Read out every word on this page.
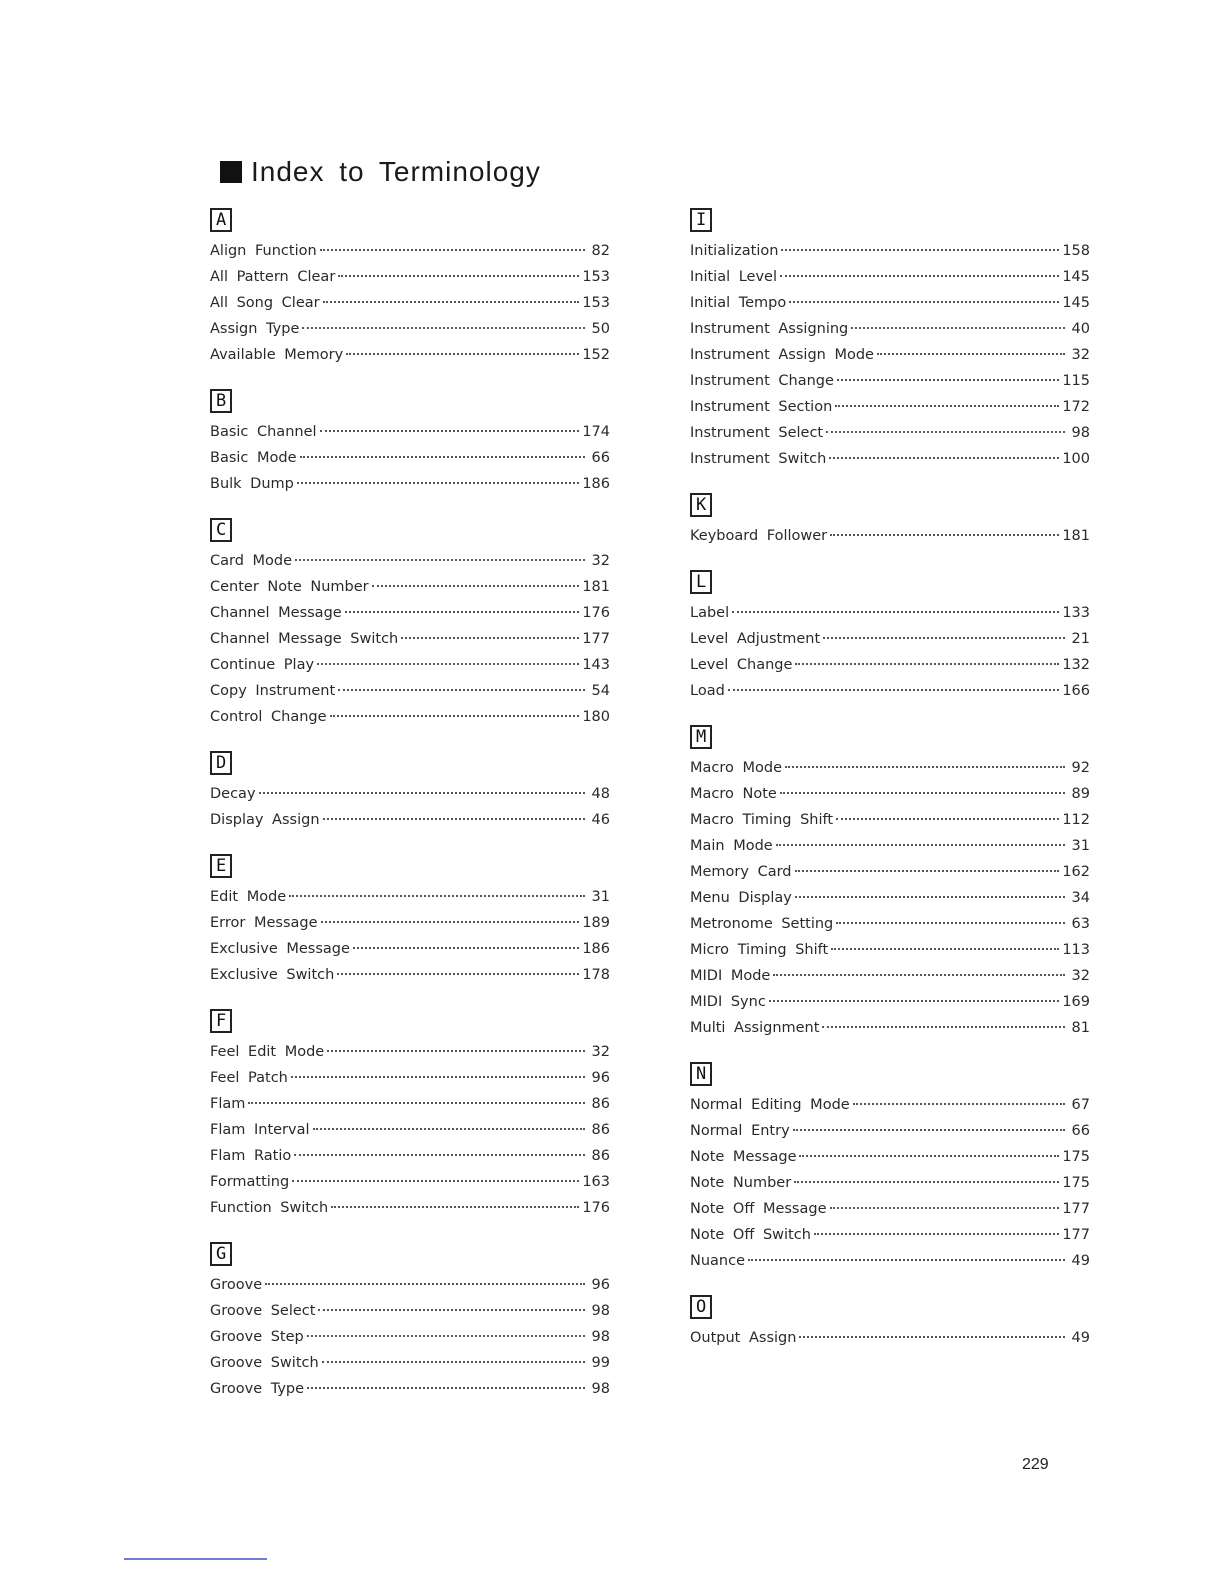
Index to Terminology
A
Align Function	82
All Pattern Clear	153
All Song Clear	153
Assign Type	50
Available Memory	152
B
Basic Channel	174
Basic Mode	66
Bulk Dump	186
C
Card Mode	32
Center Note Number	181
Channel Message	176
Channel Message Switch	177
Continue Play	143
Copy Instrument	54
Control Change	180
D
Decay	48
Display Assign	46
E
Edit Mode	31
Error Message	189
Exclusive Message	186
Exclusive Switch	178
F
Feel Edit Mode	32
Feel Patch	96
Flam	86
Flam Interval	86
Flam Ratio	86
Formatting	163
Function Switch	176
G
Groove	96
Groove Select	98
Groove Step	98
Groove Switch	99
Groove Type	98
I
Initialization	158
Initial Level	145
Initial Tempo	145
Instrument Assigning	40
Instrument Assign Mode	32
Instrument Change	115
Instrument Section	172
Instrument Select	98
Instrument Switch	100
K
Keyboard Follower	181
L
Label	133
Level Adjustment	21
Level Change	132
Load	166
M
Macro Mode	92
Macro Note	89
Macro Timing Shift	112
Main Mode	31
Memory Card	162
Menu Display	34
Metronome Setting	63
Micro Timing Shift	113
MIDI Mode	32
MIDI Sync	169
Multi Assignment	81
N
Normal Editing Mode	67
Normal Entry	66
Note Message	175
Note Number	175
Note Off Message	177
Note Off Switch	177
Nuance	49
O
Output Assign	49
229
